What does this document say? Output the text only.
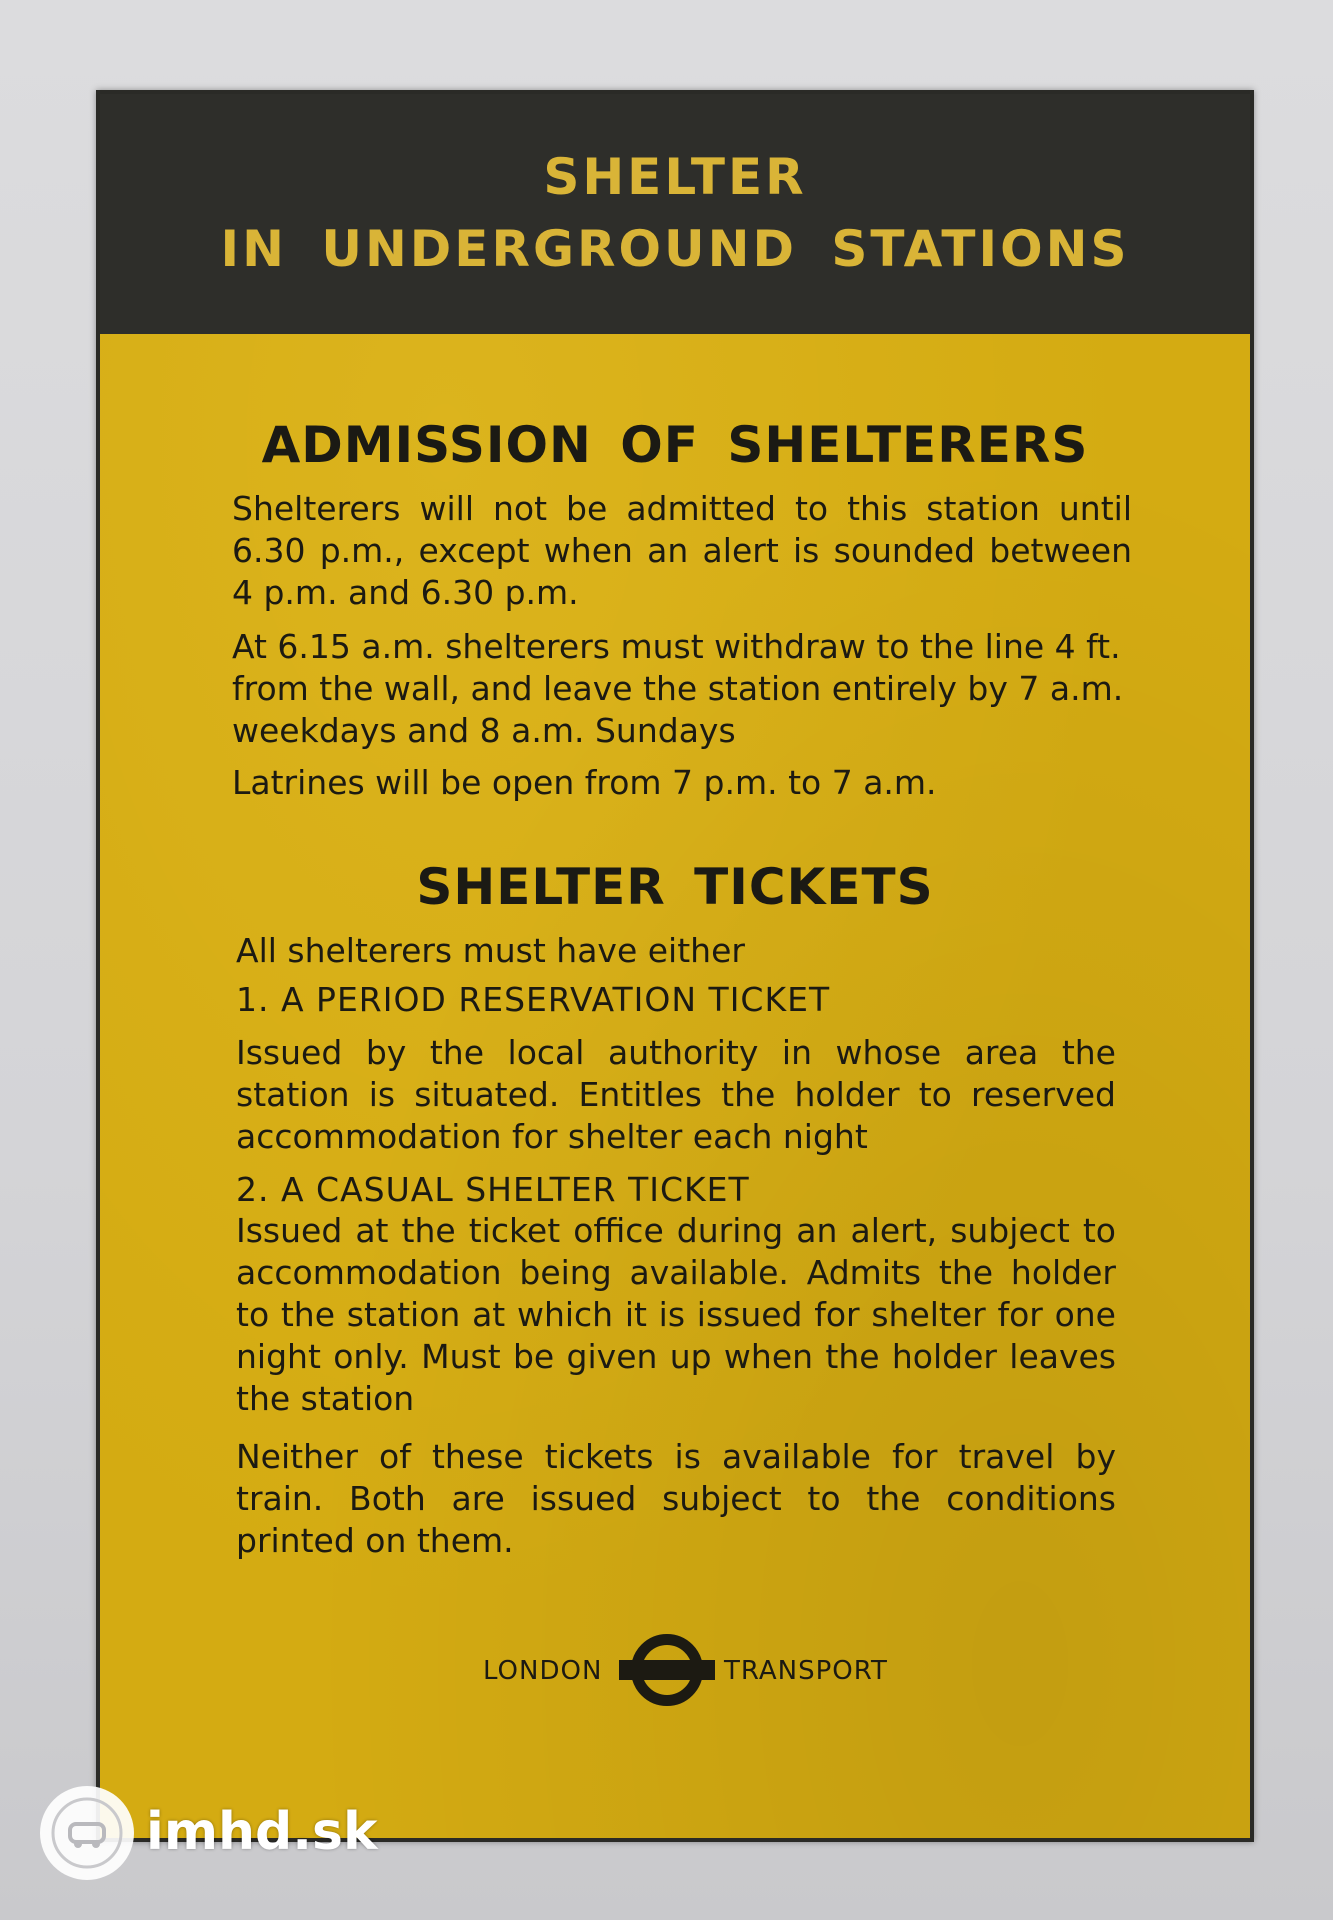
SHELTER
IN UNDERGROUND STATIONS
ADMISSION OF SHELTERERS
Shelterers will not be admitted to this station until 6.30 p.m., except when an alert is sounded between 4 p.m. and 6.30 p.m.
At 6.15 a.m. shelterers must withdraw to the line 4 ft. from the wall, and leave the station entirely by 7 a.m. weekdays and 8 a.m. Sundays
Latrines will be open from 7 p.m. to 7 a.m.
SHELTER TICKETS
All shelterers must have either
1. A PERIOD RESERVATION TICKET
Issued by the local authority in whose area the station is situated. Entitles the holder to reserved accommodation for shelter each night
2. A CASUAL SHELTER TICKET
Issued at the ticket office during an alert, subject to accommodation being available. Admits the holder to the station at which it is issued for shelter for one night only. Must be given up when the holder leaves the station
Neither of these tickets is available for travel by train. Both are issued subject to the conditions printed on them.
LONDON	TRANSPORT
imhd.sk
